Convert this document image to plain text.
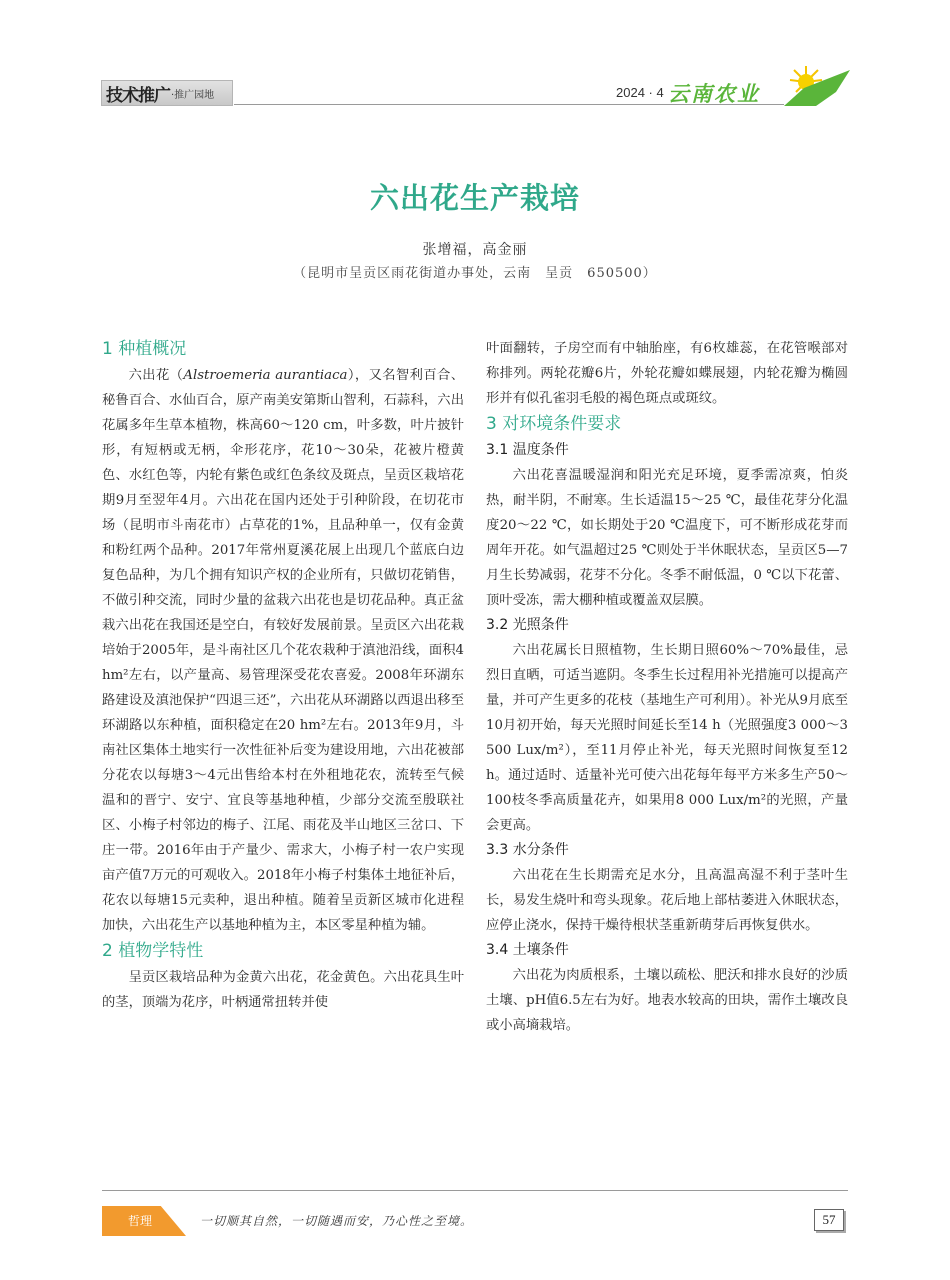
技术推广 ·推广园地	2024 · 4 云南农业
六出花生产栽培
张增福，高金丽
（昆明市呈贡区雨花街道办事处，云南　呈贡　650500）
1 种植概况

六出花（Alstroemeria aurantiaca），又名智利百合、秘鲁百合、水仙百合，原产南美安第斯山智利，石蒜科，六出花属多年生草本植物，株高60～120 cm，叶多数，叶片披针形，有短柄或无柄，伞形花序，花10～30朵，花被片橙黄色、水红色等，内轮有紫色或红色条纹及斑点，呈贡区栽培花期9月至翌年4月。六出花在国内还处于引种阶段，在切花市场（昆明市斗南花市）占草花的1%，且品种单一，仅有金黄和粉红两个品种。2017年常州夏溪花展上出现几个蓝底白边复色品种，为几个拥有知识产权的企业所有，只做切花销售，不做引种交流，同时少量的盆栽六出花也是切花品种。真正盆栽六出花在我国还是空白，有较好发展前景。呈贡区六出花栽培始于2005年，是斗南社区几个花农栽种于滇池沿线，面积4 hm²左右，以产量高、易管理深受花农喜爱。2008年环湖东路建设及滇池保护“四退三还”，六出花从环湖路以西退出移至环湖路以东种植，面积稳定在20 hm²左右。2013年9月，斗南社区集体土地实行一次性征补后变为建设用地，六出花被部分花农以每塘3～4元出售给本村在外租地花农，流转至气候温和的晋宁、安宁、宜良等基地种植，少部分交流至殷联社区、小梅子村邻边的梅子、江尾、雨花及半山地区三岔口、下庄一带。2016年由于产量少、需求大，小梅子村一农户实现亩产值7万元的可观收入。2018年小梅子村集体土地征补后，花农以每塘15元卖种，退出种植。随着呈贡新区城市化进程加快，六出花生产以基地种植为主，本区零星种植为辅。

2 植物学特性

呈贡区栽培品种为金黄六出花，花金黄色。六出花具生叶的茎，顶端为花序，叶柄通常扭转并使

叶面翻转，子房空而有中轴胎座，有6枚雄蕊，在花管喉部对称排列。两轮花瓣6片，外轮花瓣如蝶展翅，内轮花瓣为椭圆形并有似孔雀羽毛般的褐色斑点或斑纹。

3 对环境条件要求
3.1 温度条件

六出花喜温暖湿润和阳光充足环境，夏季需凉爽，怕炎热，耐半阴，不耐寒。生长适温15～25 ℃，最佳花芽分化温度20～22 ℃，如长期处于20 ℃温度下，可不断形成花芽而周年开花。如气温超过25 ℃则处于半休眠状态，呈贡区5—7月生长势减弱，花芽不分化。冬季不耐低温，0 ℃以下花蕾、顶叶受冻，需大棚种植或覆盖双层膜。

3.2 光照条件

六出花属长日照植物，生长期日照60%～70%最佳，忌烈日直晒，可适当遮阴。冬季生长过程用补光措施可以提高产量，并可产生更多的花枝（基地生产可利用）。补光从9月底至10月初开始，每天光照时间延长至14 h（光照强度3 000～3 500 Lux/m²），至11月停止补光，每天光照时间恢复至12 h。通过适时、适量补光可使六出花每年每平方米多生产50～100枝冬季高质量花卉，如果用8 000 Lux/m²的光照，产量会更高。

3.3 水分条件

六出花在生长期需充足水分，且高温高湿不利于茎叶生长，易发生烧叶和弯头现象。花后地上部枯萎进入休眠状态，应停止浇水，保持干燥待根状茎重新萌芽后再恢复供水。

3.4 土壤条件

六出花为肉质根系，土壤以疏松、肥沃和排水良好的沙质土壤、pH值6.5左右为好。地表水较高的田块，需作土壤改良或小高墒栽培。

哲理	一切顺其自然，一切随遇而安，乃心性之至境。	57
